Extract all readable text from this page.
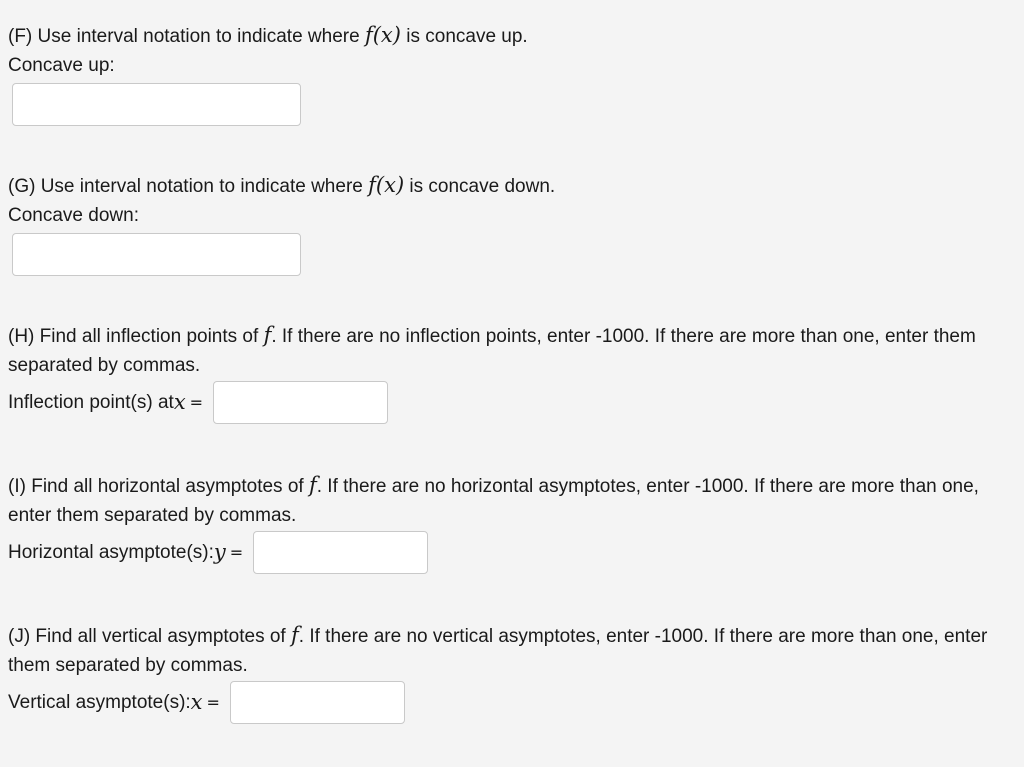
(F) Use interval notation to indicate where f(x) is concave up.

Concave up:

(G) Use interval notation to indicate where f(x) is concave down.

Concave down:

(H) Find all inflection points of f. If there are no inflection points, enter -1000. If there are more than one, enter them separated by commas.

Inflection point(s) at x =

(I) Find all horizontal asymptotes of f. If there are no horizontal asymptotes, enter -1000. If there are more than one, enter them separated by commas.

Horizontal asymptote(s): y =

(J) Find all vertical asymptotes of f. If there are no vertical asymptotes, enter -1000. If there are more than one, enter them separated by commas.

Vertical asymptote(s): x =
